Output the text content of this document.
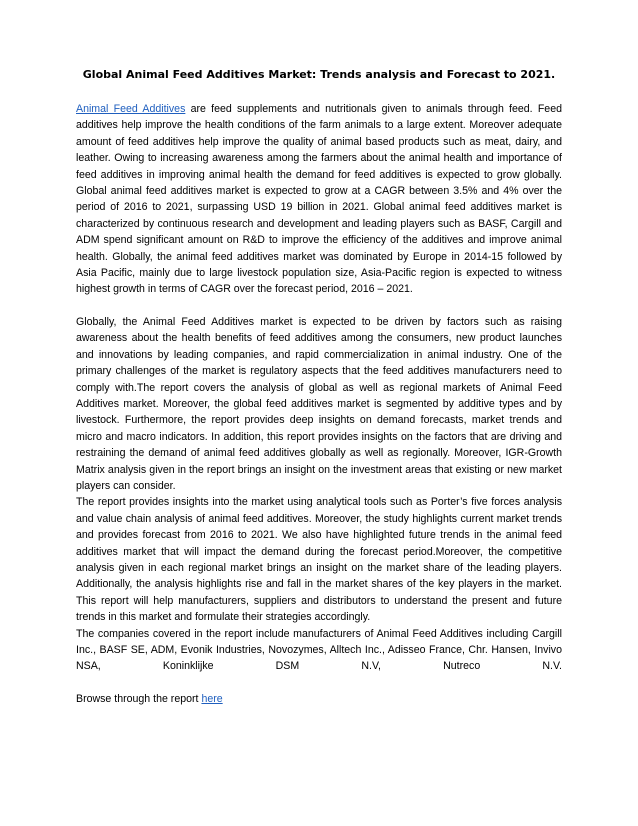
Global Animal Feed Additives Market: Trends analysis and Forecast to 2021.

Animal Feed Additives are feed supplements and nutritionals given to animals through feed. Feed additives help improve the health conditions of the farm animals to a large extent. Moreover adequate amount of feed additives help improve the quality of animal based products such as meat, dairy, and leather. Owing to increasing awareness among the farmers about the animal health and importance of feed additives in improving animal health the demand for feed additives is expected to grow globally. Global animal feed additives market is expected to grow at a CAGR between 3.5% and 4% over the period of 2016 to 2021, surpassing USD 19 billion in 2021. Global animal feed additives market is characterized by continuous research and development and leading players such as BASF, Cargill and ADM spend significant amount on R&D to improve the efficiency of the additives and improve animal health. Globally, the animal feed additives market was dominated by Europe in 2014-15 followed by Asia Pacific, mainly due to large livestock population size, Asia-Pacific region is expected to witness highest growth in terms of CAGR over the forecast period, 2016 – 2021.

Globally, the Animal Feed Additives market is expected to be driven by factors such as raising awareness about the health benefits of feed additives among the consumers, new product launches and innovations by leading companies, and rapid commercialization in animal industry. One of the primary challenges of the market is regulatory aspects that the feed additives manufacturers need to comply with.The report covers the analysis of global as well as regional markets of Animal Feed Additives market. Moreover, the global feed additives market is segmented by additive types and by livestock. Furthermore, the report provides deep insights on demand forecasts, market trends and micro and macro indicators. In addition, this report provides insights on the factors that are driving and restraining the demand of animal feed additives globally as well as regionally. Moreover, IGR-Growth Matrix analysis given in the report brings an insight on the investment areas that existing or new market players can consider.

The report provides insights into the market using analytical tools such as Porter’s five forces analysis and value chain analysis of animal feed additives. Moreover, the study highlights current market trends and provides forecast from 2016 to 2021. We also have highlighted future trends in the animal feed additives market that will impact the demand during the forecast period.Moreover, the competitive analysis given in each regional market brings an insight on the market share of the leading players. Additionally, the analysis highlights rise and fall in the market shares of the key players in the market. This report will help manufacturers, suppliers and distributors to understand the present and future trends in this market and formulate their strategies accordingly.

The companies covered in the report include manufacturers of Animal Feed Additives including Cargill Inc., BASF SE, ADM, Evonik Industries, Novozymes, Alltech Inc., Adisseo France, Chr. Hansen, Invivo NSA, Koninklijke DSM N.V, Nutreco N.V.

Browse through the report here
